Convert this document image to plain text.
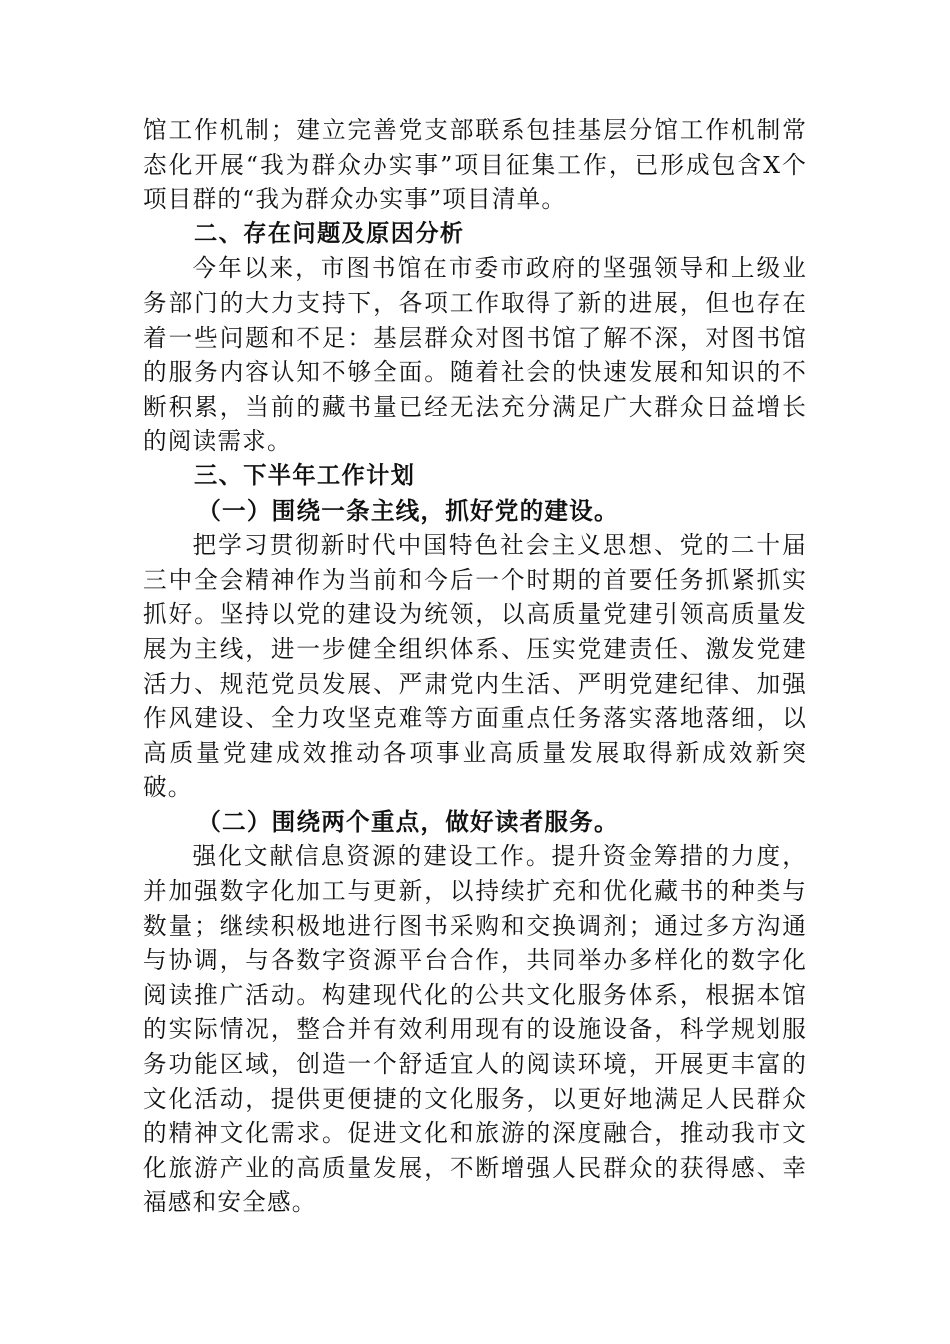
馆工作机制；建立完善党支部联系包挂基层分馆工作机制常态化开展“我为群众办实事”项目征集工作，已形成包含X个项目群的“我为群众办实事”项目清单。

二、存在问题及原因分析

今年以来，市图书馆在市委市政府的坚强领导和上级业务部门的大力支持下，各项工作取得了新的进展，但也存在着一些问题和不足：基层群众对图书馆了解不深，对图书馆的服务内容认知不够全面。随着社会的快速发展和知识的不断积累，当前的藏书量已经无法充分满足广大群众日益增长的阅读需求。

三、下半年工作计划

（一）围绕一条主线，抓好党的建设。

把学习贯彻新时代中国特色社会主义思想、党的二十届三中全会精神作为当前和今后一个时期的首要任务抓紧抓实抓好。坚持以党的建设为统领，以高质量党建引领高质量发展为主线，进一步健全组织体系、压实党建责任、激发党建活力、规范党员发展、严肃党内生活、严明党建纪律、加强作风建设、全力攻坚克难等方面重点任务落实落地落细，以高质量党建成效推动各项事业高质量发展取得新成效新突破。

（二）围绕两个重点，做好读者服务。

强化文献信息资源的建设工作。提升资金筹措的力度，并加强数字化加工与更新，以持续扩充和优化藏书的种类与数量；继续积极地进行图书采购和交换调剂；通过多方沟通与协调，与各数字资源平台合作，共同举办多样化的数字化阅读推广活动。构建现代化的公共文化服务体系，根据本馆的实际情况，整合并有效利用现有的设施设备，科学规划服务功能区域，创造一个舒适宜人的阅读环境，开展更丰富的文化活动，提供更便捷的文化服务，以更好地满足人民群众的精神文化需求。促进文化和旅游的深度融合，推动我市文化旅游产业的高质量发展，不断增强人民群众的获得感、幸福感和安全感。
